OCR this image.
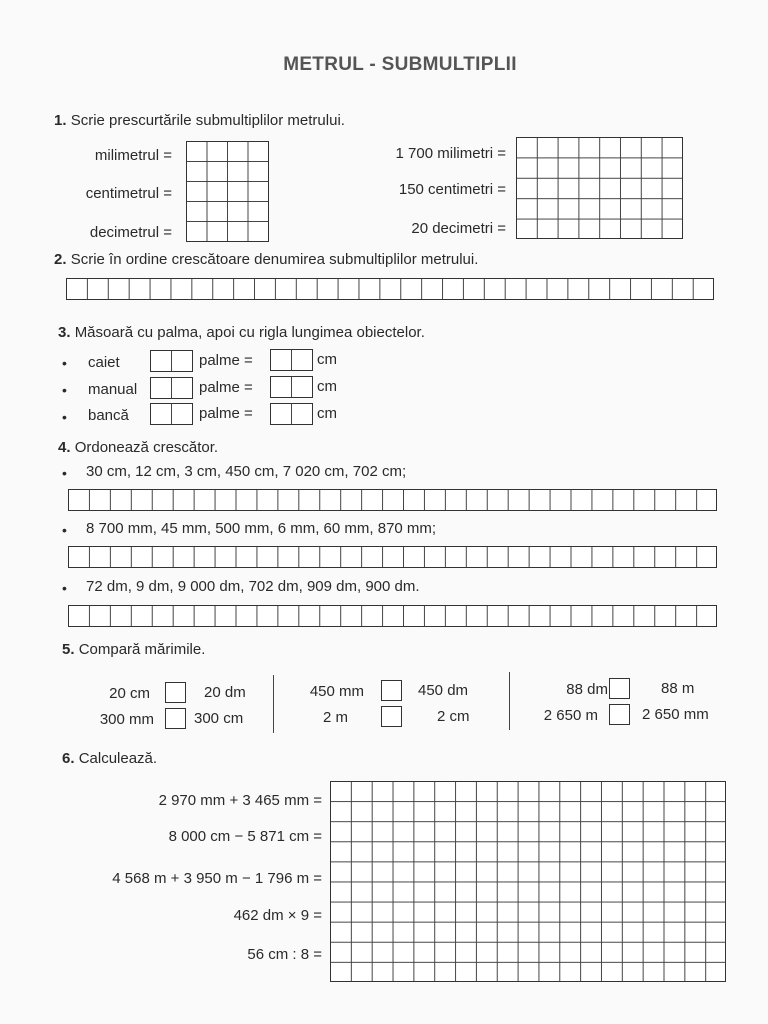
METRUL - SUBMULTIPLII
1. Scrie prescurtările submultiplilor metrului.
milimetrul =
centimetrul =
decimetrul =
1 700 milimetri =
150 centimetri =
20 decimetri =
2. Scrie în ordine crescătoare denumirea submultiplilor metrului.
3. Măsoară cu palma, apoi cu rigla lungimea obiectelor.
• caiet	palme =	cm
• manual	palme =	cm
• bancă	palme =	cm
4. Ordonează crescător.
• 30 cm, 12 cm, 3 cm, 450 cm, 7 020 cm, 702 cm;
• 8 700 mm, 45 mm, 500 mm, 6 mm, 60 mm, 870 mm;
• 72 dm, 9 dm, 9 000 dm, 702 dm, 909 dm, 900 dm.
5. Compară mărimile.
20 cm	20 dm
300 mm	300 cm
450 mm	450 dm
2 m	2 cm
88 dm	88 m
2 650 m	2 650 mm
6. Calculează.
2 970 mm + 3 465 mm =
8 000 cm − 5 871 cm =
4 568 m + 3 950 m − 1 796 m =
462 dm × 9 =
56 cm : 8 =
